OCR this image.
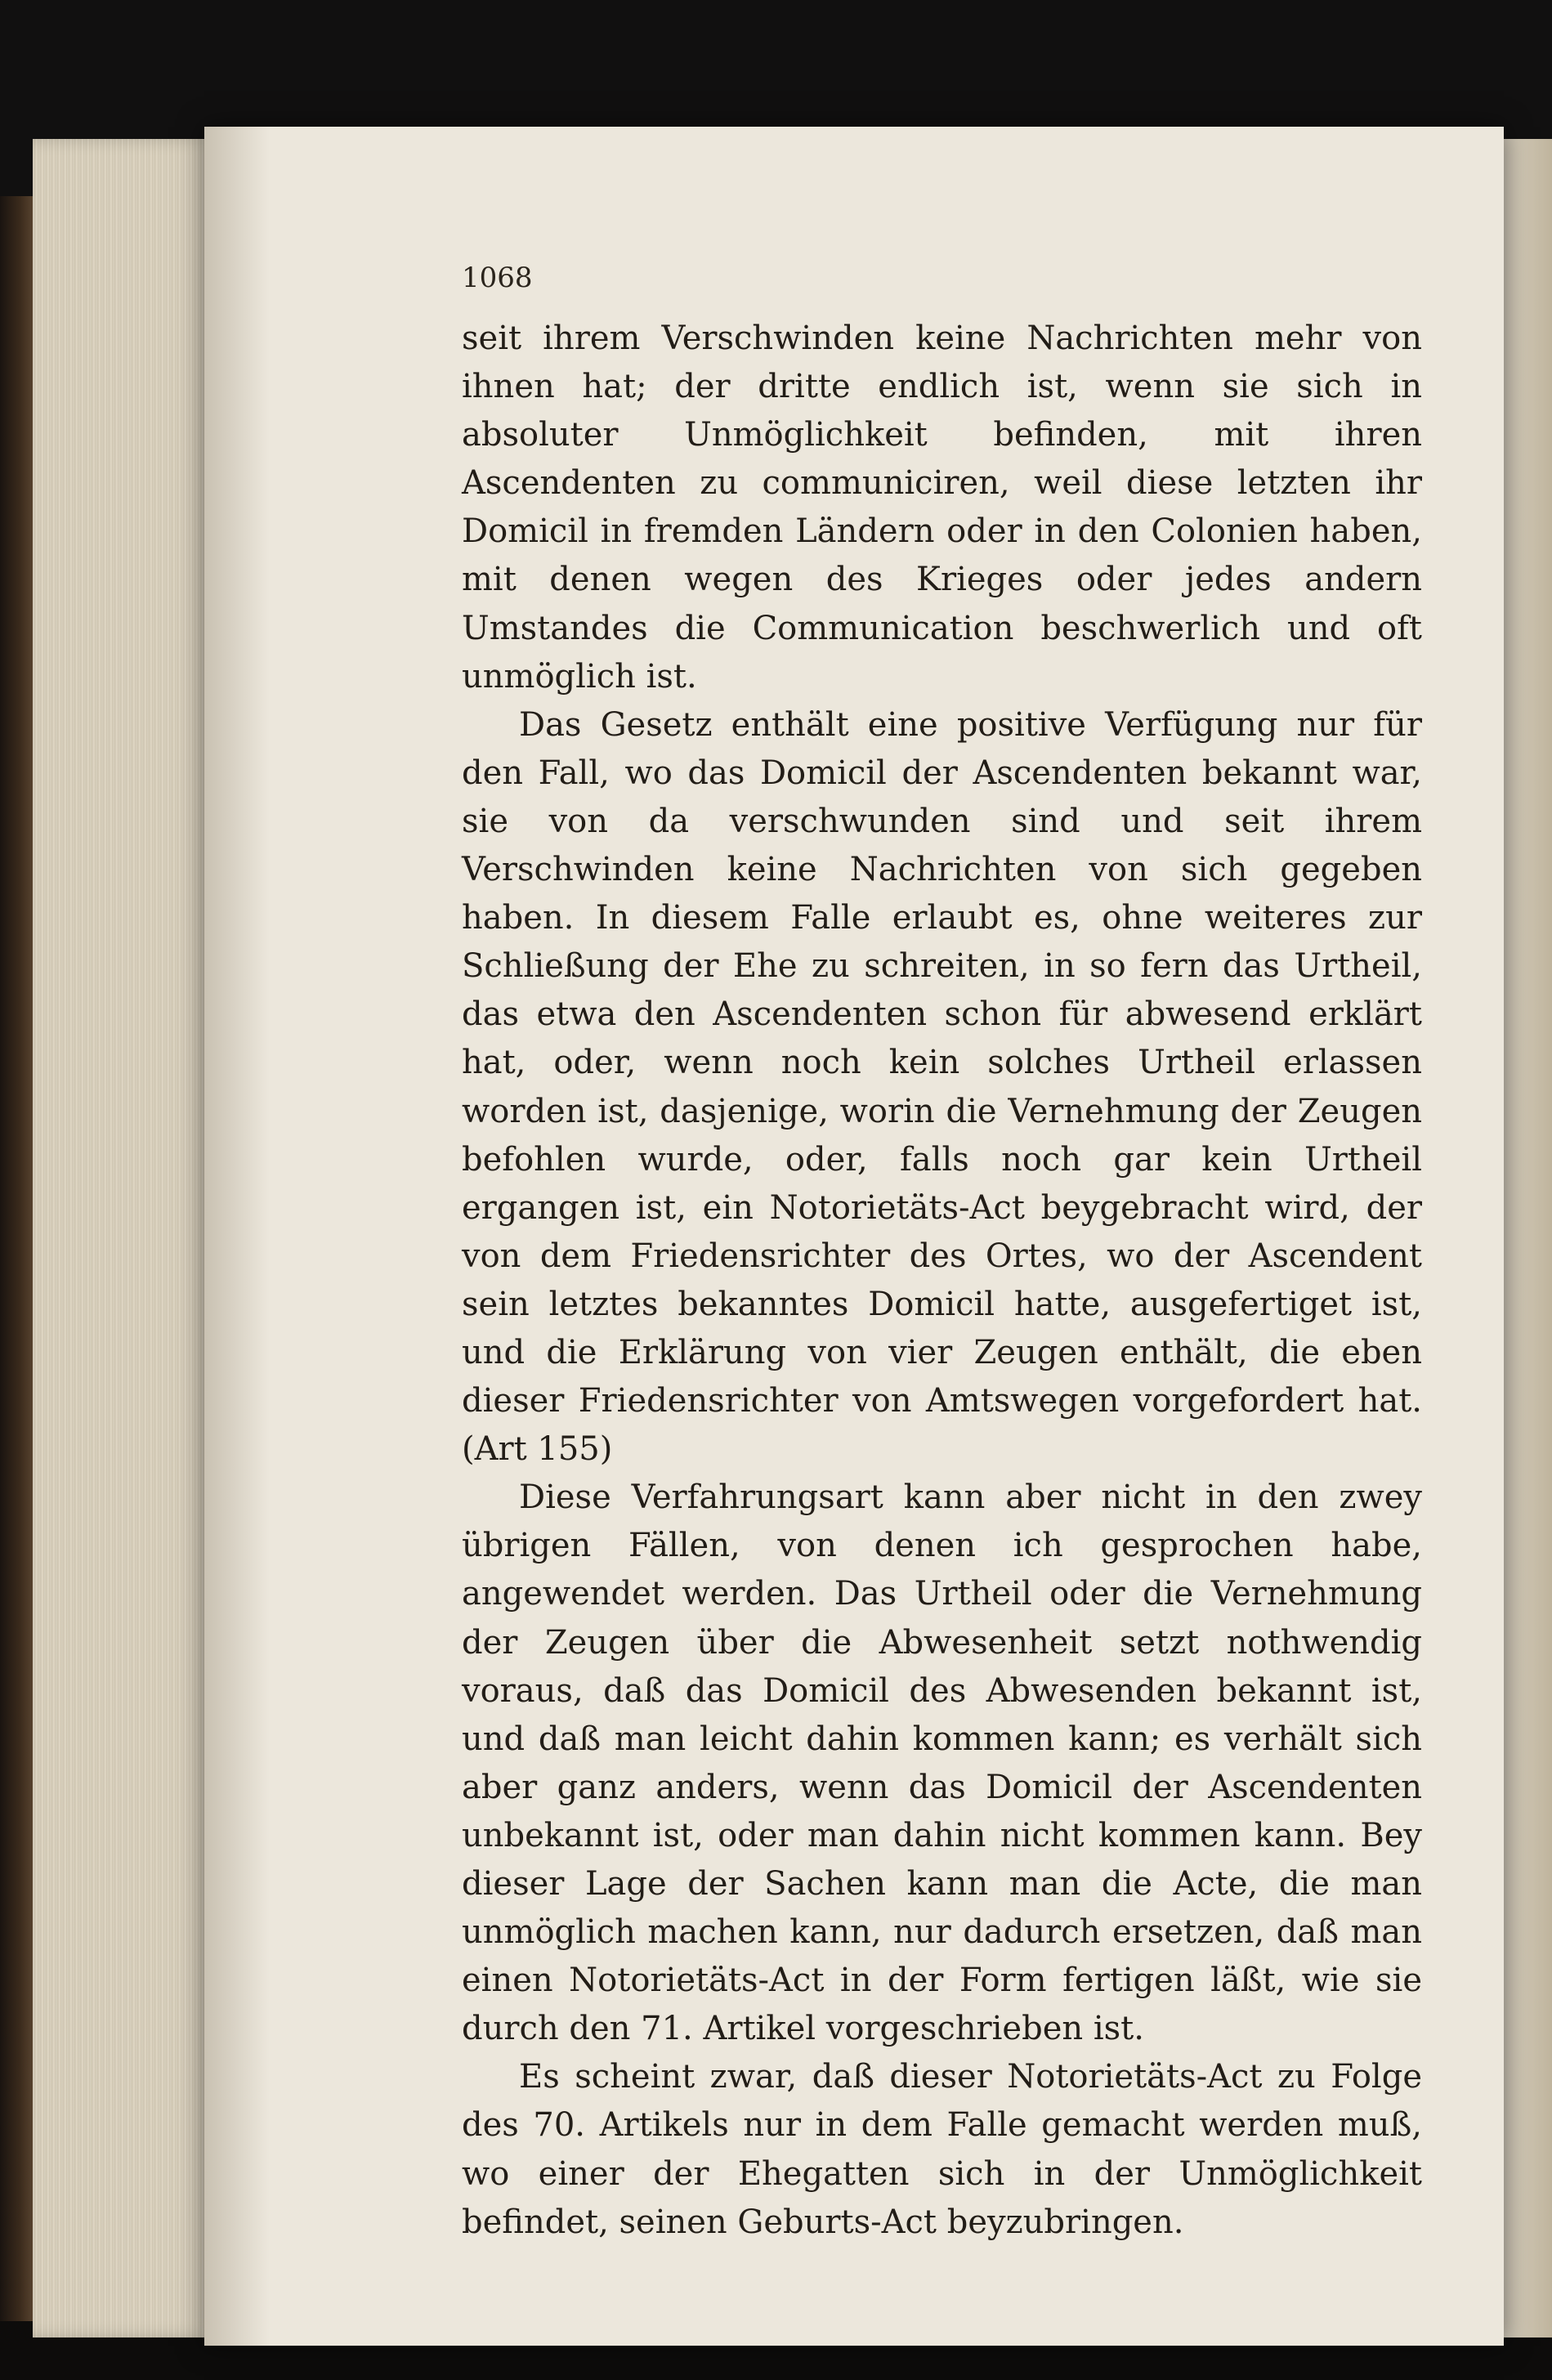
1068

seit ihrem Verschwinden keine Nachrichten mehr von ihnen hat; der dritte endlich ist, wenn sie sich in absoluter Unmöglichkeit befinden, mit ihren Ascendenten zu communiciren, weil diese letzten ihr Domicil in fremden Ländern oder in den Colonien haben, mit denen wegen des Krieges oder jedes andern Umstandes die Communication beschwerlich und oft unmöglich ist.

Das Gesetz enthält eine positive Verfügung nur für den Fall, wo das Domicil der Ascendenten bekannt war, sie von da verschwunden sind und seit ihrem Verschwinden keine Nachrichten von sich gegeben haben. In diesem Falle erlaubt es, ohne weiteres zur Schließung der Ehe zu schreiten, in so fern das Urtheil, das etwa den Ascendenten schon für abwesend erklärt hat, oder, wenn noch kein solches Urtheil erlassen worden ist, dasjenige, worin die Vernehmung der Zeugen befohlen wurde, oder, falls noch gar kein Urtheil ergangen ist, ein Notorietäts-Act beygebracht wird, der von dem Friedensrichter des Ortes, wo der Ascendent sein letztes bekanntes Domicil hatte, ausgefertiget ist, und die Erklärung von vier Zeugen enthält, die eben dieser Friedensrichter von Amtswegen vorgefordert hat. (Art 155)

Diese Verfahrungsart kann aber nicht in den zwey übrigen Fällen, von denen ich gesprochen habe, angewendet werden. Das Urtheil oder die Vernehmung der Zeugen über die Abwesenheit setzt nothwendig voraus, daß das Domicil des Abwesenden bekannt ist, und daß man leicht dahin kommen kann; es verhält sich aber ganz anders, wenn das Domicil der Ascendenten unbekannt ist, oder man dahin nicht kommen kann. Bey dieser Lage der Sachen kann man die Acte, die man unmöglich machen kann, nur dadurch ersetzen, daß man einen Notorietäts-Act in der Form fertigen läßt, wie sie durch den 71. Artikel vorgeschrieben ist.

Es scheint zwar, daß dieser Notorietäts-Act zu Folge des 70. Artikels nur in dem Falle gemacht werden muß, wo einer der Ehegatten sich in der Unmöglichkeit befindet, seinen Geburts-Act beyzubringen.
